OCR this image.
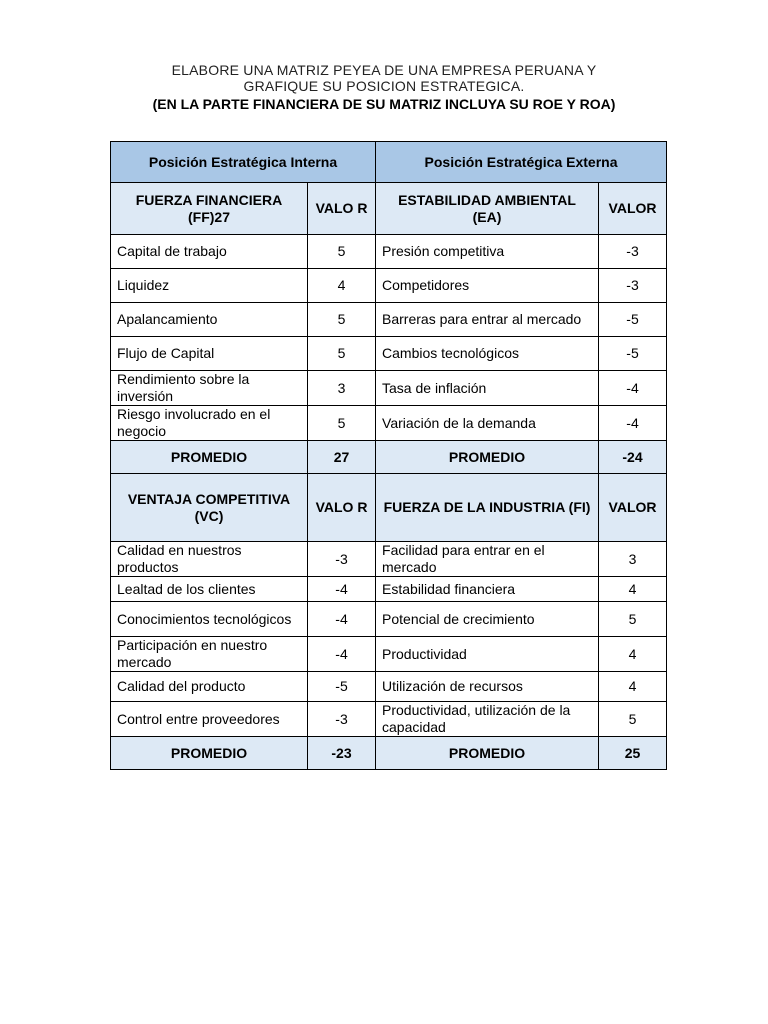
ELABORE UNA MATRIZ PEYEA DE UNA EMPRESA PERUANA Y
GRAFIQUE SU POSICION ESTRATEGICA.
(EN LA PARTE FINANCIERA DE SU MATRIZ INCLUYA SU ROE Y ROA)
Posición Estratégica Interna		Posición Estratégica Externa	
FUERZA FINANCIERA (FF)27	VALO R	ESTABILIDAD AMBIENTAL (EA)	VALOR
Capital de trabajo	5	Presión competitiva	-3
Liquidez	4	Competidores	-3
Apalancamiento	5	Barreras para entrar al mercado	-5
Flujo de Capital	5	Cambios tecnológicos	-5
Rendimiento sobre la inversión	3	Tasa de inflación	-4
Riesgo involucrado en el negocio	5	Variación de la demanda	-4
PROMEDIO	27	PROMEDIO	-24
VENTAJA COMPETITIVA (VC)	VALO R	FUERZA DE LA INDUSTRIA (FI)	VALOR
Calidad en nuestros productos	-3	Facilidad para entrar en el mercado	3
Lealtad de los clientes	-4	Estabilidad financiera	4
Conocimientos tecnológicos	-4	Potencial de crecimiento	5
Participación en nuestro mercado	-4	Productividad	4
Calidad del producto	-5	Utilización de recursos	4
Control entre proveedores	-3	Productividad, utilización de la capacidad	5
PROMEDIO	-23	PROMEDIO	25
